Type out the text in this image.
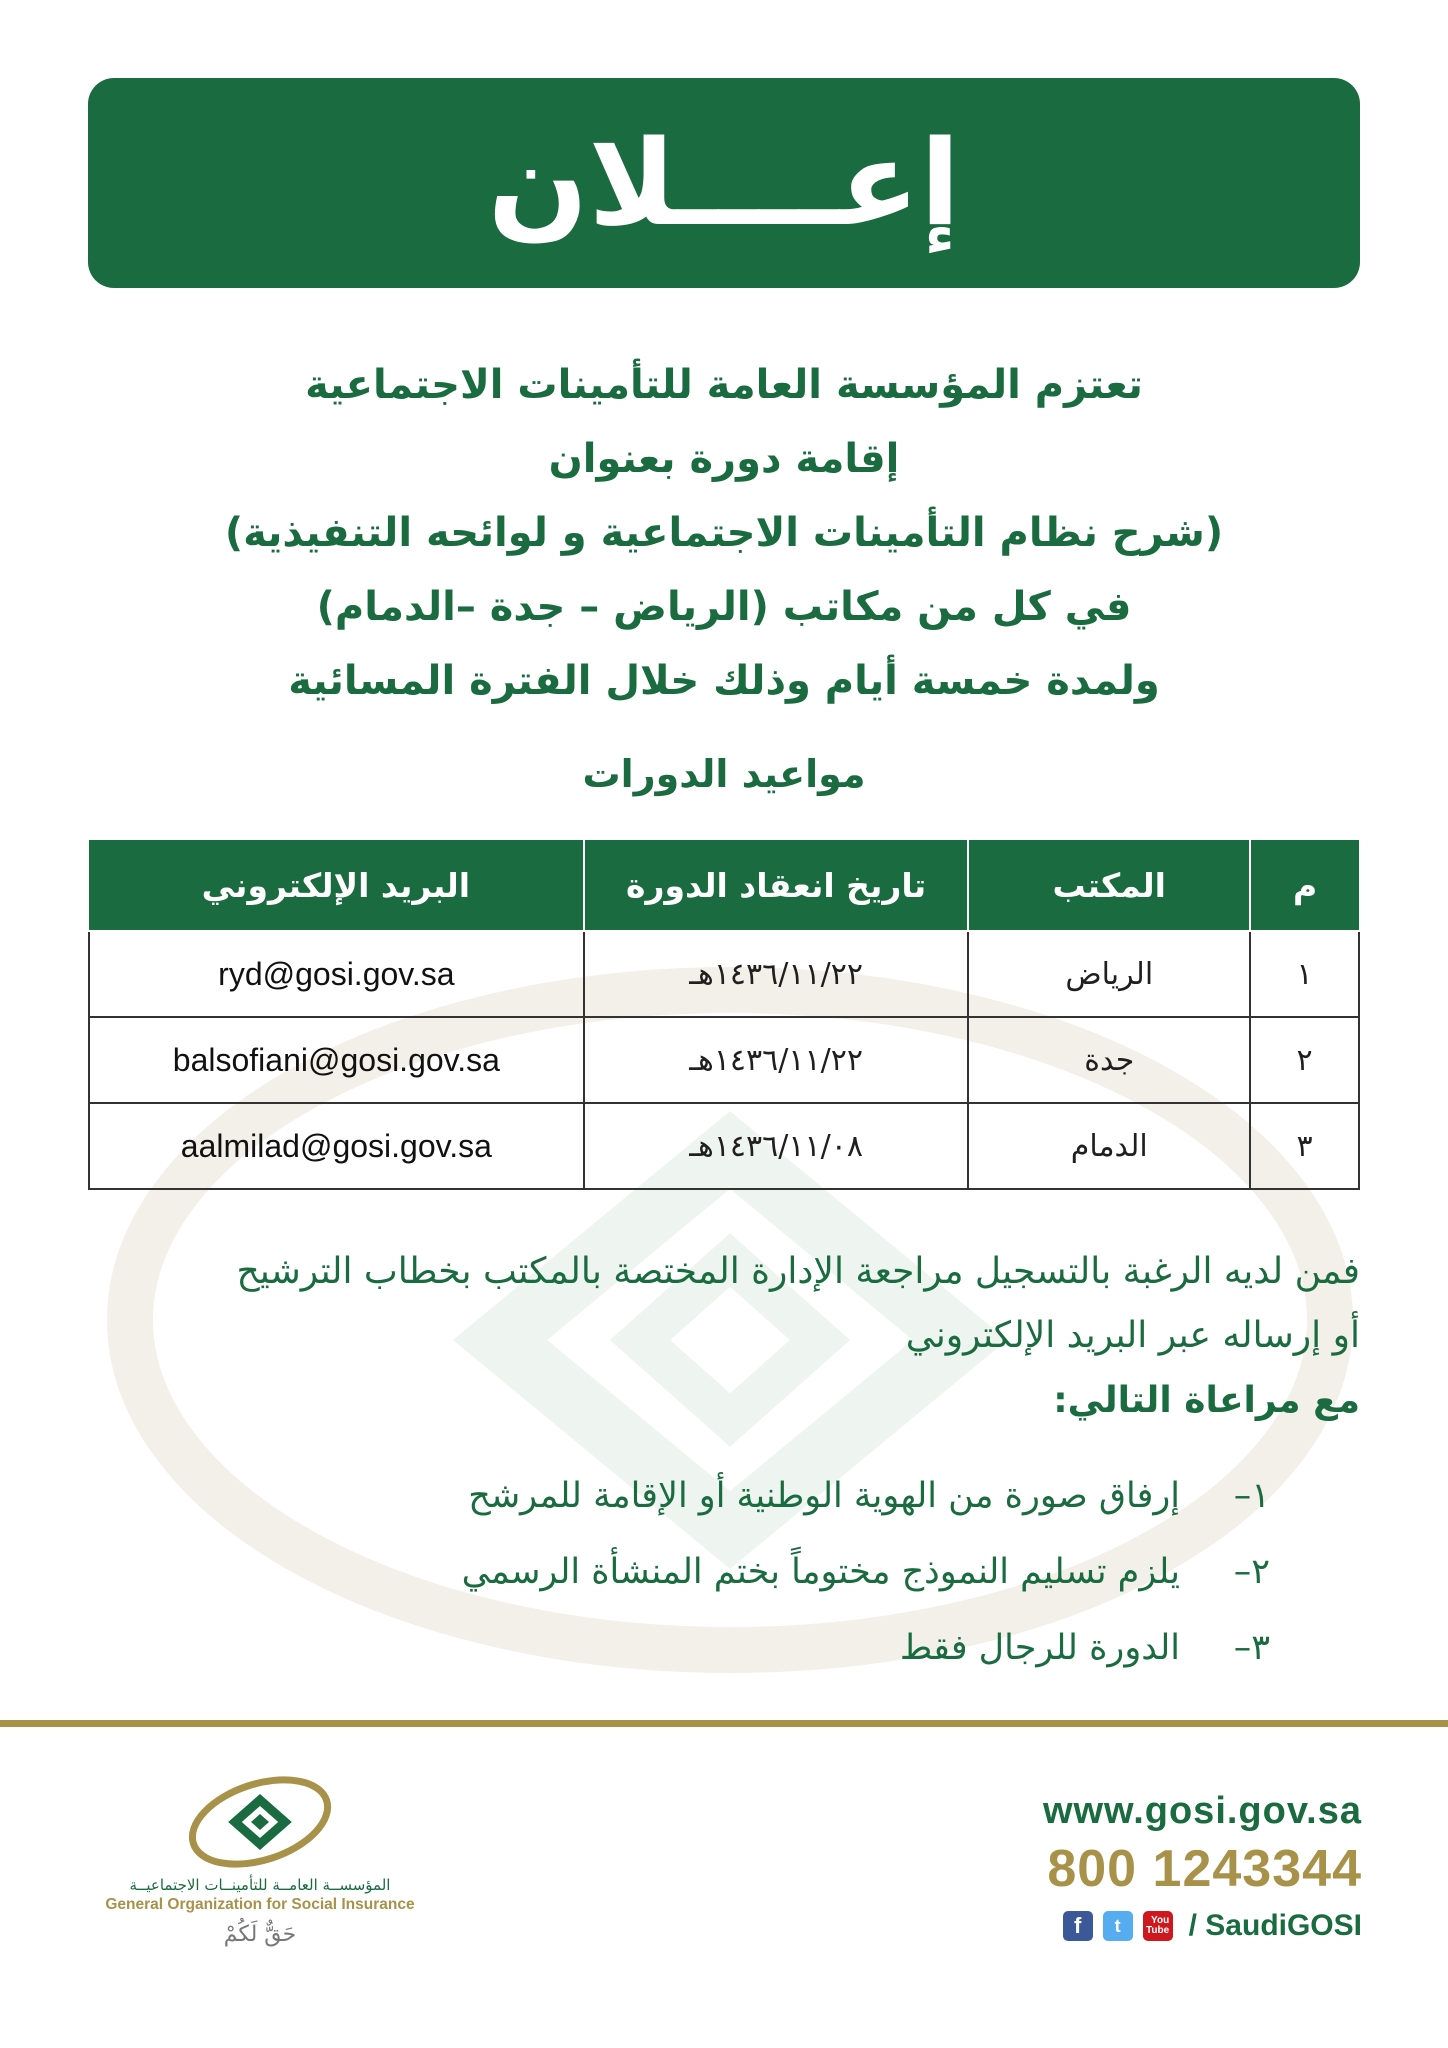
إعــــلان
تعتزم المؤسسة العامة للتأمينات الاجتماعية
إقامة دورة بعنوان
(شرح نظام التأمينات الاجتماعية و لوائحه التنفيذية)
في كل من مكاتب (الرياض – جدة –الدمام)
ولمدة خمسة أيام وذلك خلال الفترة المسائية
مواعيد الدورات
م	المكتب	تاريخ انعقاد الدورة	البريد الإلكتروني
١	الرياض	١٤٣٦/١١/٢٢هـ	ryd@gosi.gov.sa
٢	جدة	١٤٣٦/١١/٢٢هـ	balsofiani@gosi.gov.sa
٣	الدمام	١٤٣٦/١١/٠٨هـ	aalmilad@gosi.gov.sa
فمن لديه الرغبة بالتسجيل مراجعة الإدارة المختصة بالمكتب بخطاب الترشيح
أو إرساله عبر البريد الإلكتروني
مع مراعاة التالي:
١–
إرفاق صورة من الهوية الوطنية أو الإقامة للمرشح
٢–
يلزم تسليم النموذج مختوماً بختم المنشأة الرسمي
٣–
الدورة للرجال فقط
المؤسســة العامــة للتأمينــات الاجتماعيــة
General Organization for Social Insurance
حَقٌّ لَكُمْ
www.gosi.gov.sa
800 1243344
f	t	You
Tube / SaudiGOSI
